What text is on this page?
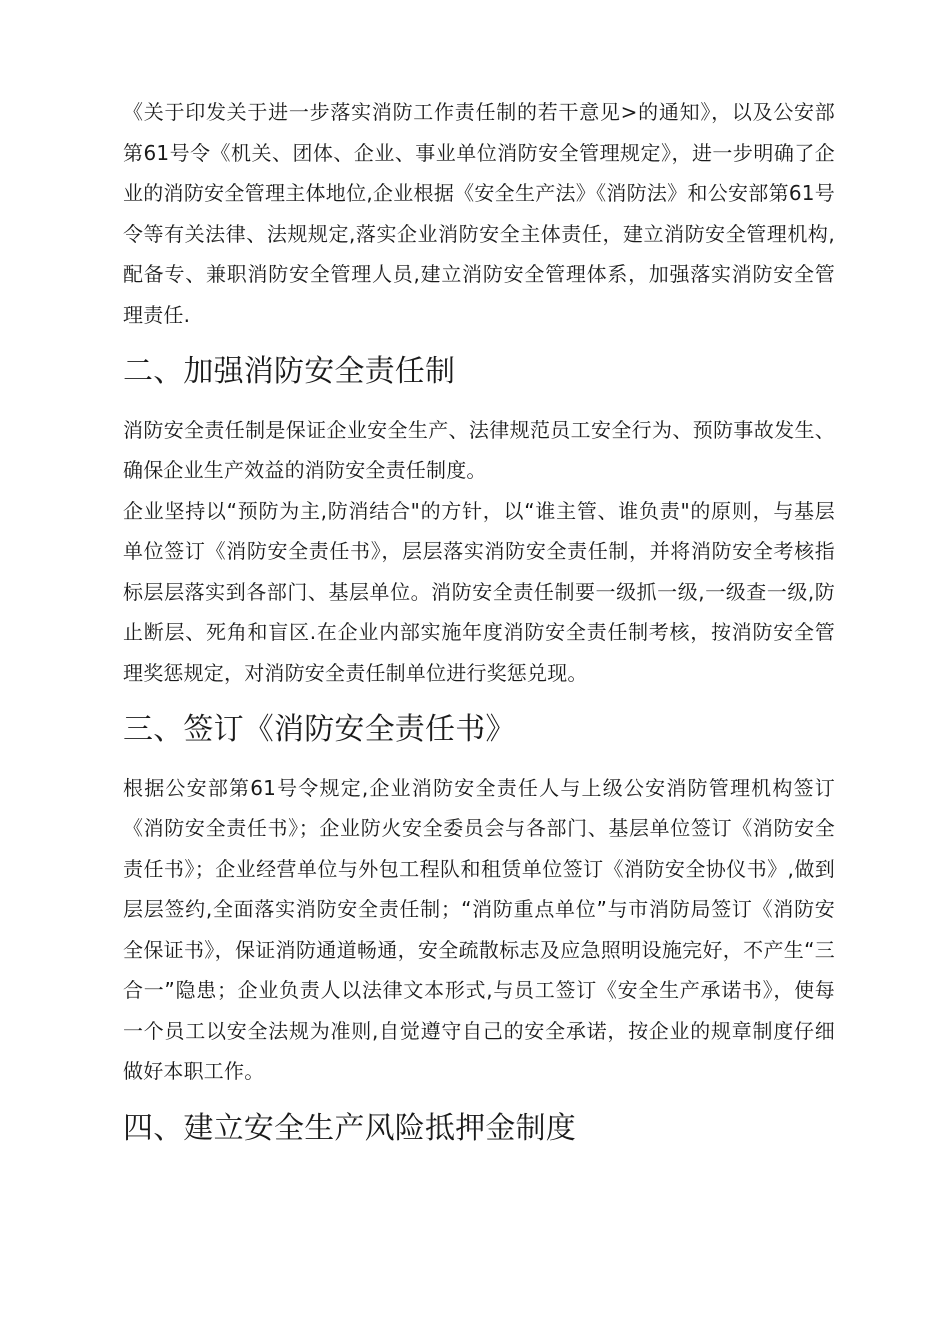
《关于印发关于进一步落实消防工作责任制的若干意见>的通知》，以及公安部第61号令《机关、团体、企业、事业单位消防安全管理规定》，进一步明确了企业的消防安全管理主体地位,企业根据《安全生产法》《消防法》和公安部第61号令等有关法律、法规规定,落实企业消防安全主体责任，建立消防安全管理机构,配备专、兼职消防安全管理人员,建立消防安全管理体系，加强落实消防安全管理责任.

二、加强消防安全责任制

消防安全责任制是保证企业安全生产、法律规范员工安全行为、预防事故发生、确保企业生产效益的消防安全责任制度。

企业坚持以“预防为主,防消结合"的方针，以“谁主管、谁负责"的原则，与基层单位签订《消防安全责任书》，层层落实消防安全责任制，并将消防安全考核指标层层落实到各部门、基层单位。消防安全责任制要一级抓一级,一级查一级,防止断层、死角和盲区.在企业内部实施年度消防安全责任制考核，按消防安全管理奖惩规定，对消防安全责任制单位进行奖惩兑现。

三、签订《消防安全责任书》

根据公安部第61号令规定,企业消防安全责任人与上级公安消防管理机构签订《消防安全责任书》；企业防火安全委员会与各部门、基层单位签订《消防安全责任书》；企业经营单位与外包工程队和租赁单位签订《消防安全协仪书》,做到层层签约,全面落实消防安全责任制；“消防重点单位”与市消防局签订《消防安全保证书》，保证消防通道畅通，安全疏散标志及应急照明设施完好，不产生“三合一”隐患；企业负责人以法律文本形式,与员工签订《安全生产承诺书》，使每一个员工以安全法规为准则,自觉遵守自己的安全承诺，按企业的规章制度仔细做好本职工作。

四、建立安全生产风险抵押金制度
